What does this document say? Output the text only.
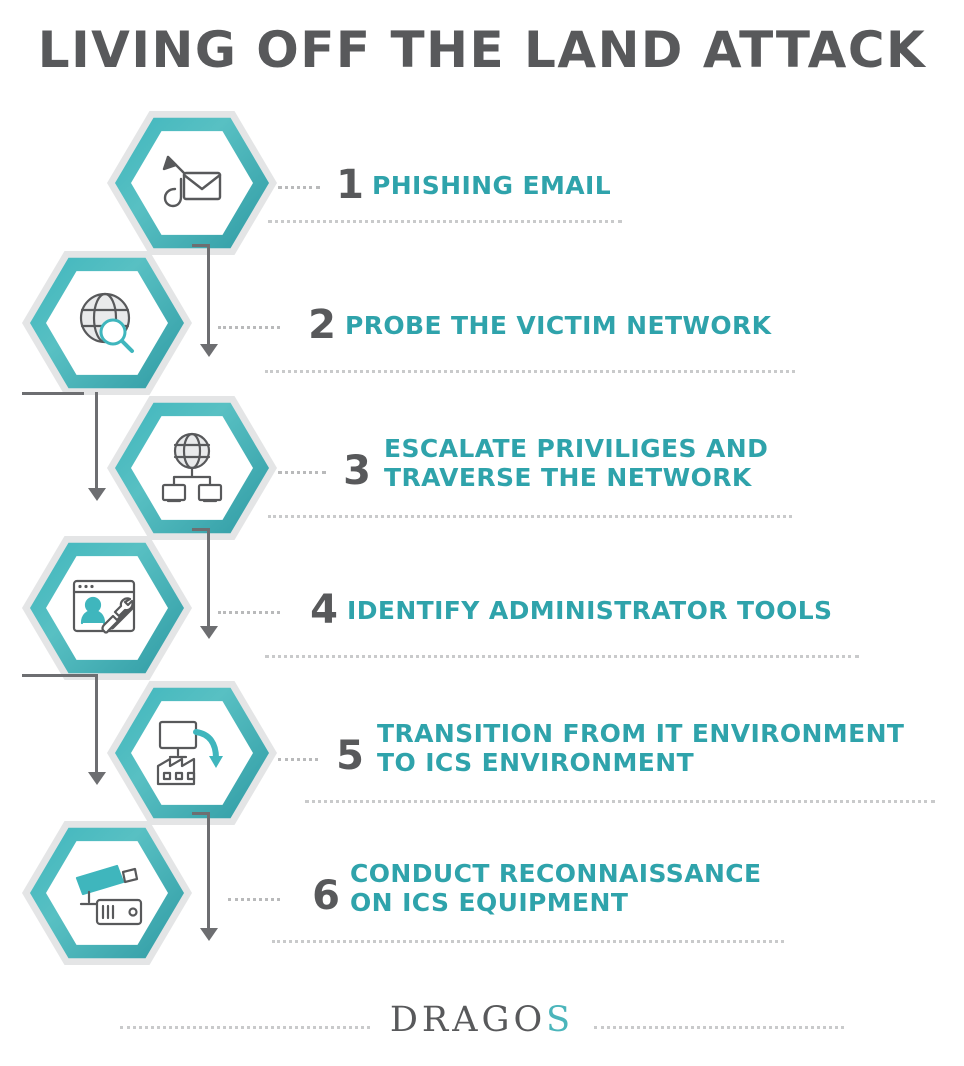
LIVING OFF THE LAND ATTACK
1 PHISHING EMAIL
2 PROBE THE VICTIM NETWORK
3 ESCALATE PRIVILIGES AND
TRAVERSE THE NETWORK
4 IDENTIFY ADMINISTRATOR TOOLS
5 TRANSITION FROM IT ENVIRONMENT
TO ICS ENVIRONMENT
6 CONDUCT RECONNAISSANCE
ON ICS EQUIPMENT
DRAGOS
